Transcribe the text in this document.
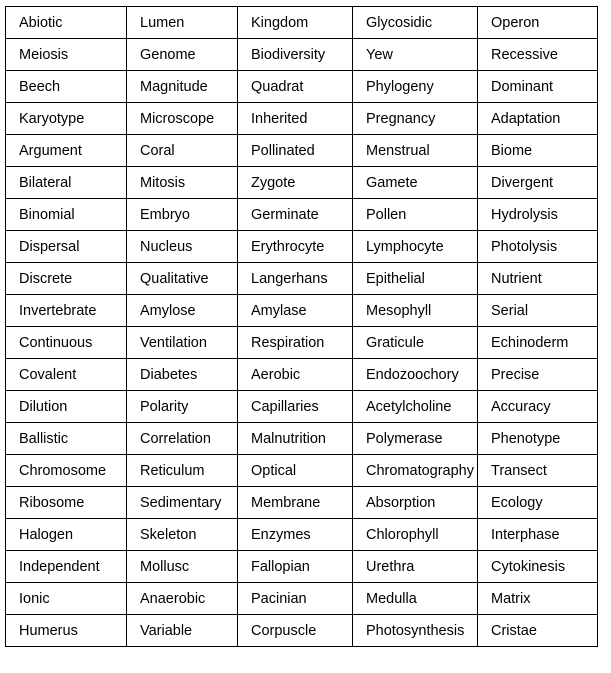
Abiotic	Lumen	Kingdom	Glycosidic	Operon
Meiosis	Genome	Biodiversity	Yew	Recessive
Beech	Magnitude	Quadrat	Phylogeny	Dominant
Karyotype	Microscope	Inherited	Pregnancy	Adaptation
Argument	Coral	Pollinated	Menstrual	Biome
Bilateral	Mitosis	Zygote	Gamete	Divergent
Binomial	Embryo	Germinate	Pollen	Hydrolysis
Dispersal	Nucleus	Erythrocyte	Lymphocyte	Photolysis
Discrete	Qualitative	Langerhans	Epithelial	Nutrient
Invertebrate	Amylose	Amylase	Mesophyll	Serial
Continuous	Ventilation	Respiration	Graticule	Echinoderm
Covalent	Diabetes	Aerobic	Endozoochory	Precise
Dilution	Polarity	Capillaries	Acetylcholine	Accuracy
Ballistic	Correlation	Malnutrition	Polymerase	Phenotype
Chromosome	Reticulum	Optical	Chromatography	Transect
Ribosome	Sedimentary	Membrane	Absorption	Ecology
Halogen	Skeleton	Enzymes	Chlorophyll	Interphase
Independent	Mollusc	Fallopian	Urethra	Cytokinesis
Ionic	Anaerobic	Pacinian	Medulla	Matrix
Humerus	Variable	Corpuscle	Photosynthesis	Cristae
